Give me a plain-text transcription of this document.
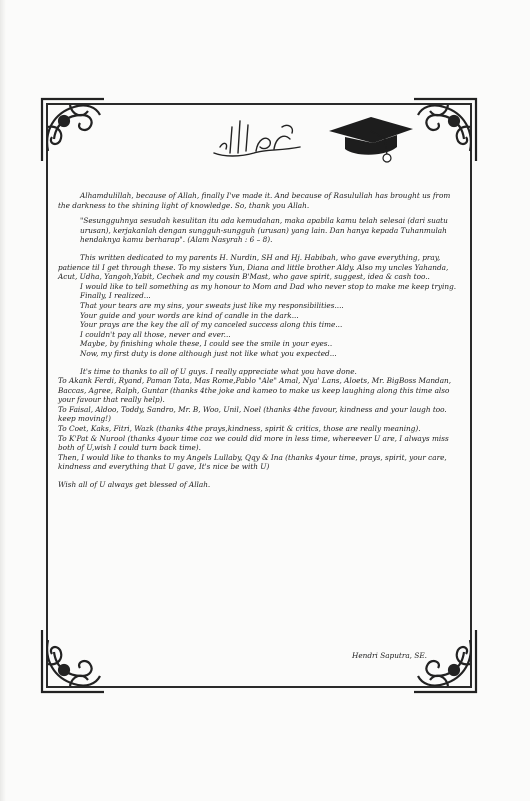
Alhamdulillah, because of Allah, finally I've made it. And because of Rasulullah has brought us from the darkness to the shining light of knowledge. So, thank you Allah.

"Sesungguhnya sesudah kesulitan itu ada kemudahan, maka apabila kamu telah selesai (dari suatu urusan), kerjakanlah dengan sungguh-sungguh (urusan) yang lain. Dan hanya kepada Tuhanmulah hendaknya kamu berharap". (Alam Nasyrah : 6 – 8).

This written dedicated to my parents H. Nurdin, SH and Hj. Habibah, who gave everything, pray, patience til I get through these. To my sisters Yun, Diana and little brother Aldy. Also my uncles Yahanda, Acut, Udha, Yangoh,Yabit, Cechek and my cousin B'Mast, who gave spirit, suggest, idea & cash too..

I would like to tell something as my honour to Mom and Dad who never stop to make me keep trying.

Finally, I realized...
That your tears are my sins, your sweats just like my responsibilities....
Your guide and your words are kind of candle in the dark...
Your prays are the key the all of my canceled success along this time...
I couldn't pay all those, never and ever...
Maybe, by finishing whole these, I could see the smile in your eyes..
Now, my first duty is done although just not like what you expected...

It's time to thanks to all of U guys. I really appreciate what you have done.

To Akank Ferdi, Ryand, Paman Tata, Mas Rome,Pablo "Ale" Amal, Nya' Lans, Aloets, Mr. BigBoss Mandan, Baccas, Agree, Ralph, Guntar (thanks 4the joke and kameo to make us keep laughing along this time also your favour that really help).

To Faisal, Aldoo, Toddy, Sandro, Mr. B, Woo, Unil, Noel (thanks 4the favour, kindness and your laugh too. keep moving!)

To Coet, Kaks, Fitri, Wazk (thanks 4the prays,kindness, spirit & critics, those are really meaning).

To K'Pat & Nurool (thanks 4your time coz we could did more in less time, whereever U are, I always miss both of U,wish I could turn back time).

Then, I would like to thanks to my Angels Lullaby, Qqy & Ina (thanks 4your time, prays, spirit, your care, kindness and everything that U gave, It's nice be with U)

Wish all of U always get blessed of Allah.

Hendri Saputra, SE.
